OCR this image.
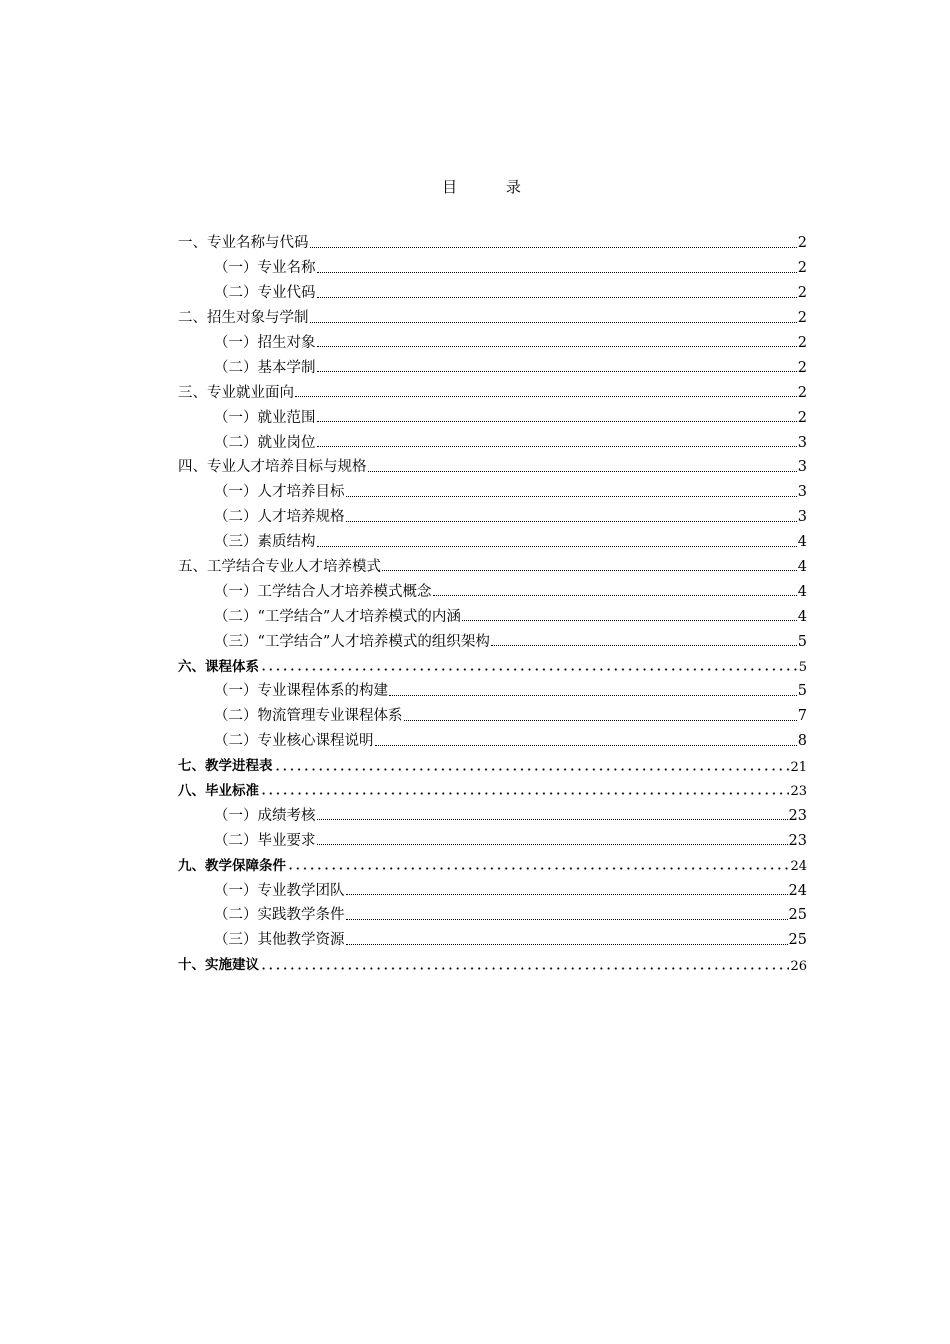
目 录
一、专业名称与代码	2
（一）专业名称	2
（二）专业代码	2
二、招生对象与学制	2
（一）招生对象	2
（二）基本学制	2
三、专业就业面向	2
（一）就业范围	2
（二）就业岗位	3
四、专业人才培养目标与规格	3
（一）人才培养目标	3
（二）人才培养规格	3
（三）素质结构	4
五、工学结合专业人才培养模式	4
（一）工学结合人才培养模式概念	4
（二）“工学结合”人才培养模式的内涵	4
（三）“工学结合”人才培养模式的组织架构	5
六、课程体系	5
（一）专业课程体系的构建	5
（二）物流管理专业课程体系	7
（二）专业核心课程说明	8
七、教学进程表	21
八、毕业标准	23
（一）成绩考核	23
（二）毕业要求	23
九、教学保障条件	24
（一）专业教学团队	24
（二）实践教学条件	25
（三）其他教学资源	25
十、实施建议	26
